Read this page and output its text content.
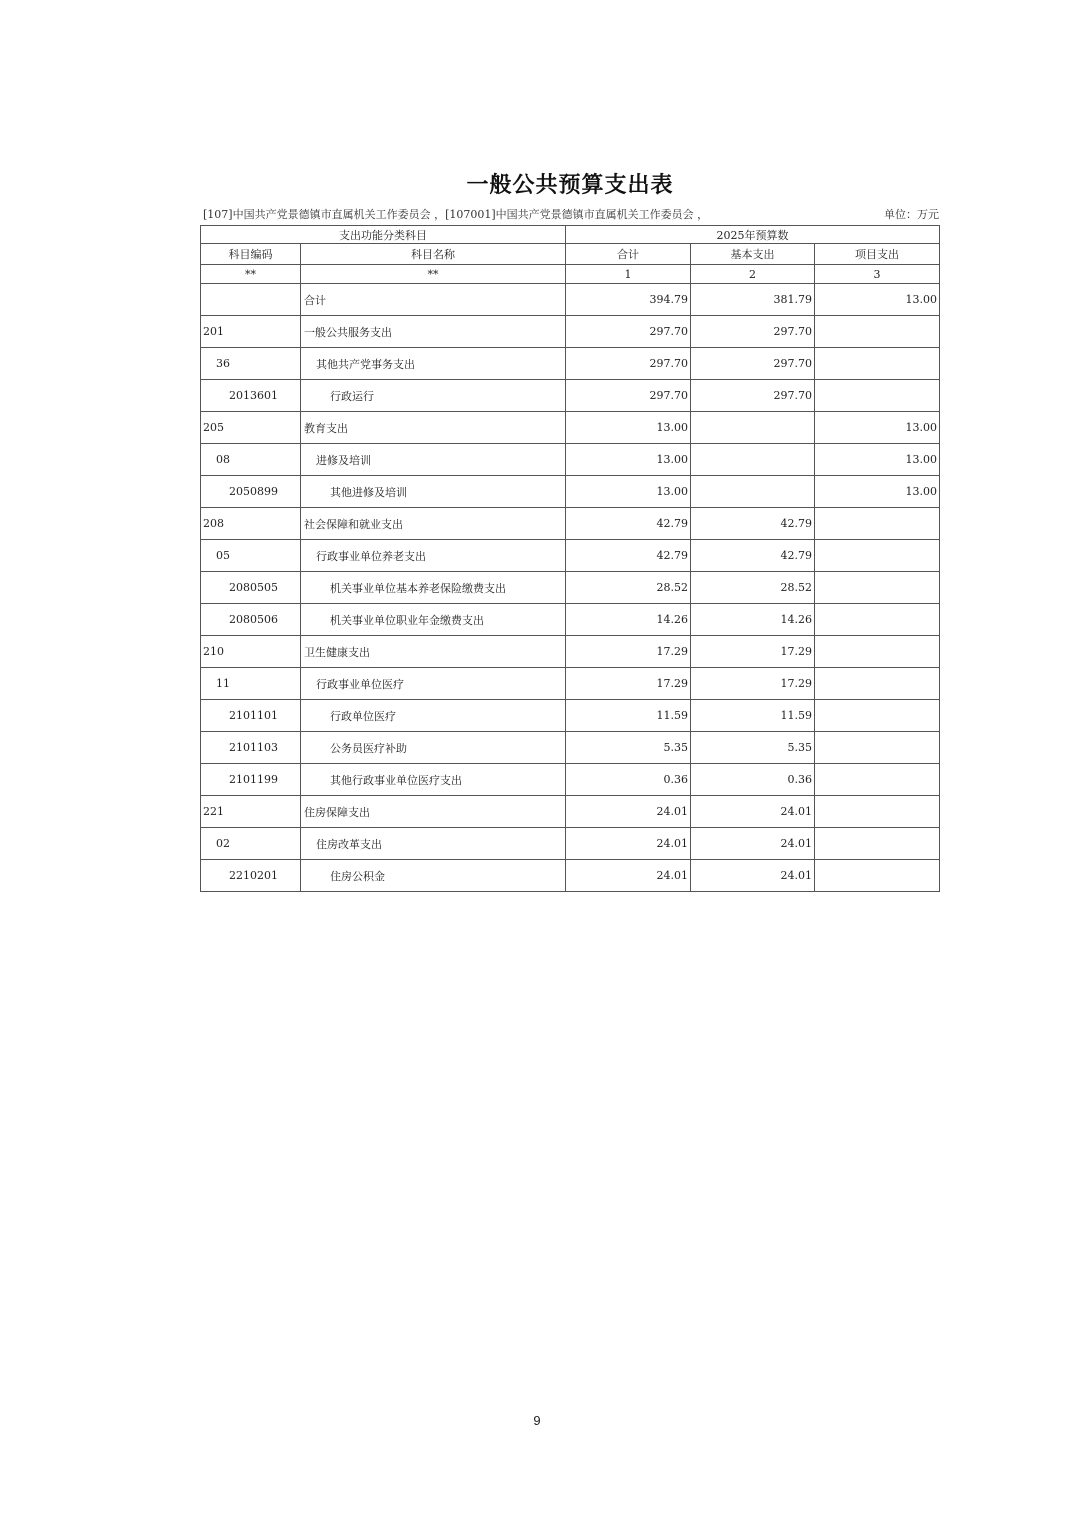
一般公共预算支出表
[107]中国共产党景德镇市直属机关工作委员会 ，[107001]中国共产党景德镇市直属机关工作委员会 ，	单位：万元
支出功能分类科目		2025年预算数		
科目编码	科目名称	合计	基本支出	项目支出
**	**	1	2	3
	合计	394.79	381.79	13.00
201	一般公共服务支出	297.70	297.70	
36	其他共产党事务支出	297.70	297.70	
2013601	行政运行	297.70	297.70	
205	教育支出	13.00		13.00
08	进修及培训	13.00		13.00
2050899	其他进修及培训	13.00		13.00
208	社会保障和就业支出	42.79	42.79	
05	行政事业单位养老支出	42.79	42.79	
2080505	机关事业单位基本养老保险缴费支出	28.52	28.52	
2080506	机关事业单位职业年金缴费支出	14.26	14.26	
210	卫生健康支出	17.29	17.29	
11	行政事业单位医疗	17.29	17.29	
2101101	行政单位医疗	11.59	11.59	
2101103	公务员医疗补助	5.35	5.35	
2101199	其他行政事业单位医疗支出	0.36	0.36	
221	住房保障支出	24.01	24.01	
02	住房改革支出	24.01	24.01	
2210201	住房公积金	24.01	24.01	
9
